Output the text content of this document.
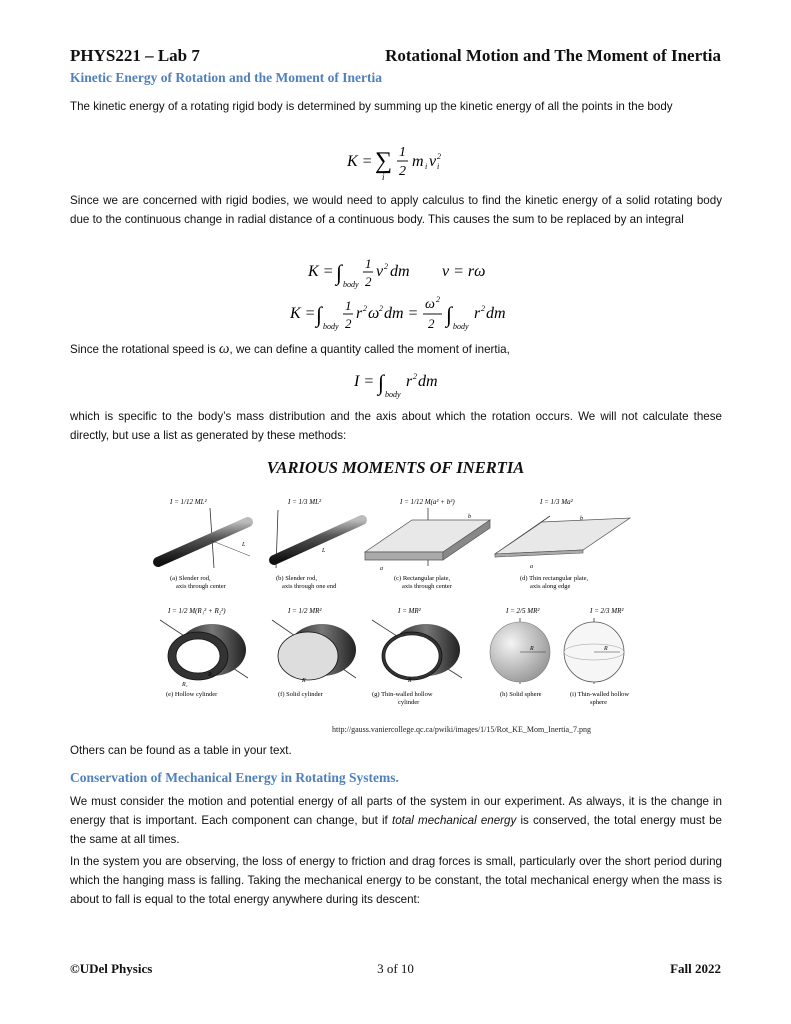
PHYS221 – Lab 7	Rotational Motion and The Moment of Inertia
Kinetic Energy of Rotation and the Moment of Inertia
The kinetic energy of a rotating rigid body is determined by summing up the kinetic energy of all the points in the body
K = ∑
i
1
2
m i v i
2
Since we are concerned with rigid bodies, we would need to apply calculus to find the kinetic energy of a solid rotating body due to the continuous change in radial distance of a continuous body. This causes the sum to be replaced by an integral
K = ∫ body
1
2
v 2 dm v = rω
K = ∫ body
1
2
r 2 ω 2 dm =
ω 2
2 ∫ body
r 2 dm
Since the rotational speed is ω, we can define a quantity called the moment of inertia,
I = ∫ body
r 2 dm
which is specific to the body’s mass distribution and the axis about which the rotation occurs. We will not calculate these directly, but use a list as generated by these methods:
VARIOUS MOMENTS OF INERTIA
I = 1/12 ML²	I = 1/3 ML²	I = 1/12 M(a² + b²)	I = 1/3 Ma²
L
L
a
b
a
b
(a) Slender rod,
axis through center
(b) Slender rod,
axis through one end
(c) Rectangular plate,
axis through center
(d) Thin rectangular plate,
axis along edge
I = 1/2 M(R₁² + R₂²)	I = 1/2 MR²	I = MR²	I = 2/5 MR²	I = 2/3 MR²
R₁
R₂
R	R
R	R
(e) Hollow cylinder	(f) Solid cylinder	(g) Thin-walled hollow
cylinder
(h) Solid sphere	(i) Thin-walled hollow
sphere
http://gauss.vaniercollege.qc.ca/pwiki/images/1/15/Rot_KE_Mom_Inertia_7.png
Others can be found as a table in your text.
Conservation of Mechanical Energy in Rotating Systems.
We must consider the motion and potential energy of all parts of the system in our experiment. As always, it is the change in energy that is important. Each component can change, but if total mechanical energy is conserved, the total energy must be the same at all times.
In the system you are observing, the loss of energy to friction and drag forces is small, particularly over the short period during which the hanging mass is falling. Taking the mechanical energy to be constant, the total mechanical energy when the mass is about to fall is equal to the total energy anywhere during its descent:
©UDel Physics	3 of 10	Fall 2022
